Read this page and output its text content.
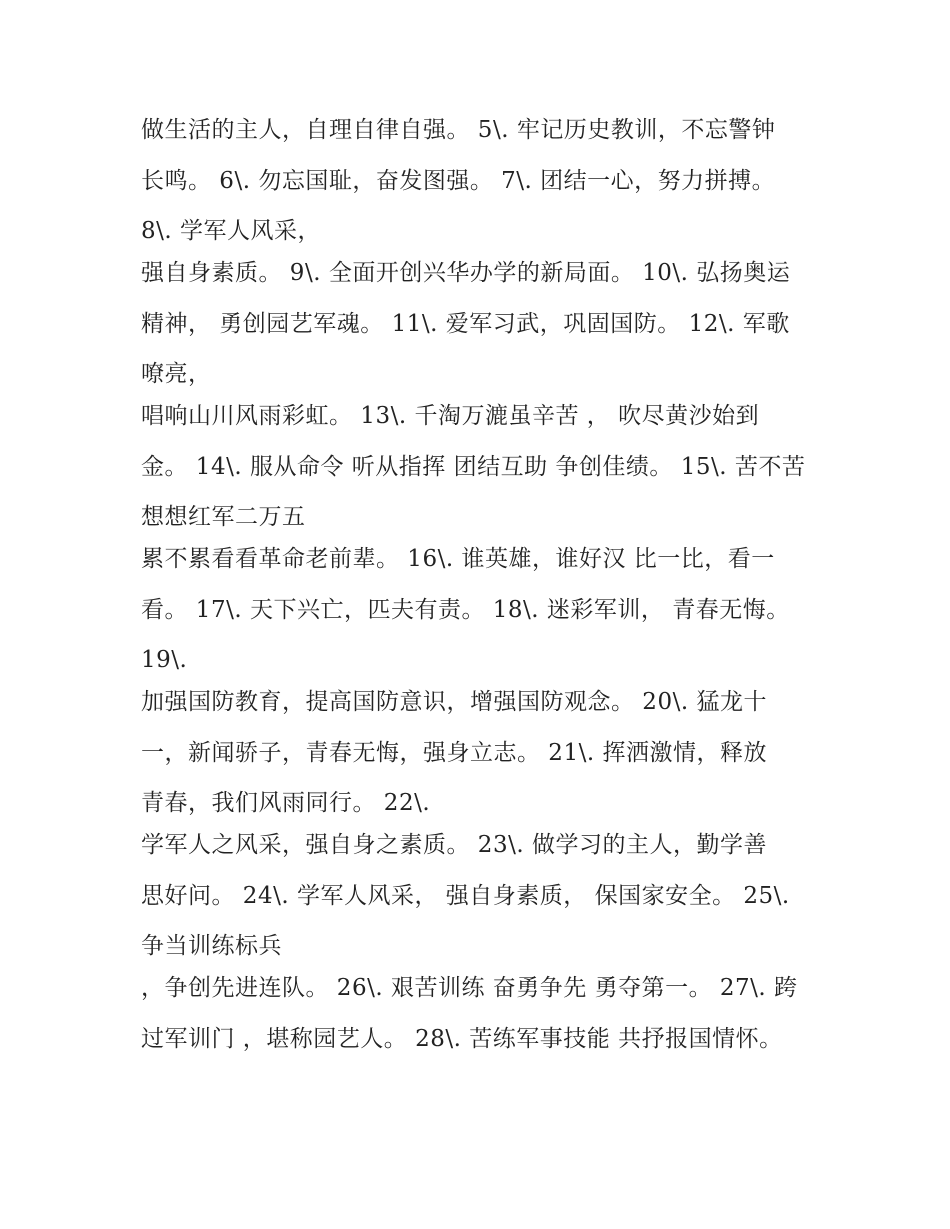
做生活的主人，自理自律自强。 5\. 牢记历史教训，不忘警钟
长鸣。 6\. 勿忘国耻，奋发图强。 7\. 团结一心，努力拼搏。
8\. 学军人风采，
强自身素质。 9\. 全面开创兴华办学的新局面。 10\. 弘扬奥运
精神， 勇创园艺军魂。 11\. 爱军习武，巩固国防。 12\. 军歌
嘹亮，
唱响山川风雨彩虹。 13\. 千淘万漉虽辛苦 ， 吹尽黄沙始到
金。 14\. 服从命令 听从指挥 团结互助 争创佳绩。 15\. 苦不苦
想想红军二万五
累不累看看革命老前辈。 16\. 谁英雄，谁好汉 比一比，看一
看。 17\. 天下兴亡，匹夫有责。 18\. 迷彩军训， 青春无悔。
19\.
加强国防教育，提高国防意识，增强国防观念。 20\. 猛龙十
一，新闻骄子，青春无悔，强身立志。 21\. 挥洒激情，释放
青春，我们风雨同行。 22\.
学军人之风采，强自身之素质。 23\. 做学习的主人，勤学善
思好问。 24\. 学军人风采， 强自身素质， 保国家安全。 25\.
争当训练标兵
，争创先进连队。 26\. 艰苦训练 奋勇争先 勇夺第一。 27\. 跨
过军训门 ，堪称园艺人。 28\. 苦练军事技能 共抒报国情怀。
